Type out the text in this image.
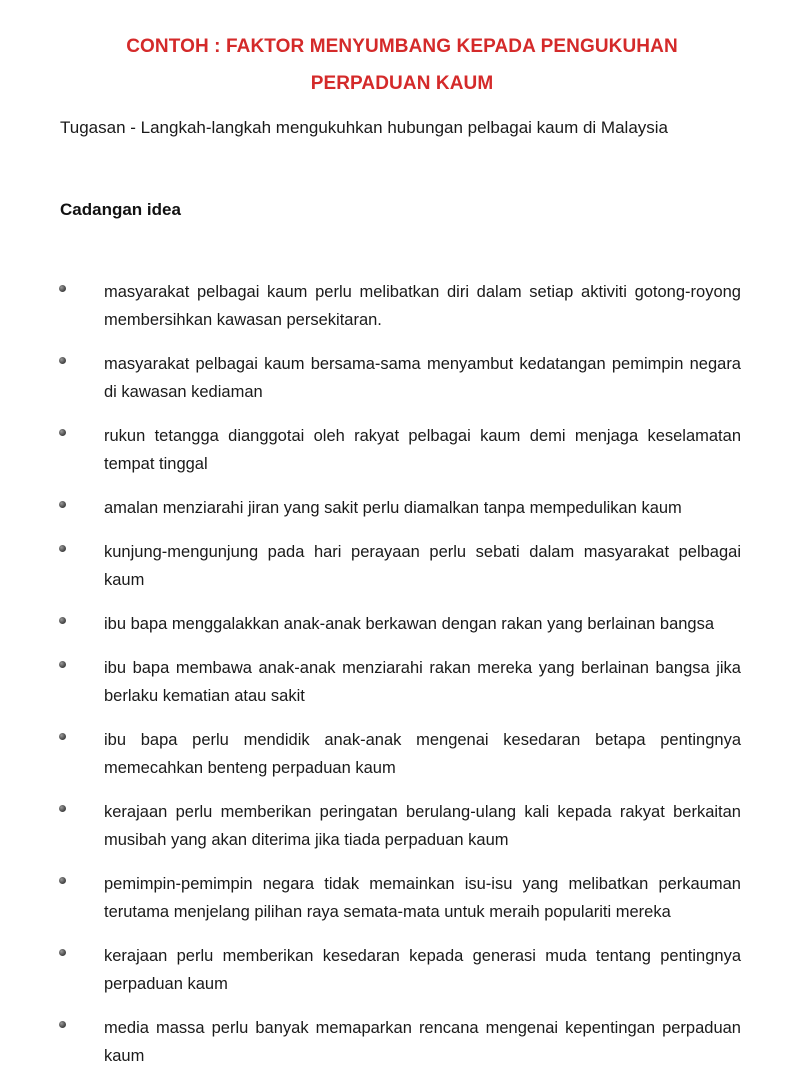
CONTOH : FAKTOR MENYUMBANG KEPADA PENGUKUHAN
PERPADUAN KAUM
Tugasan - Langkah-langkah mengukuhkan hubungan pelbagai kaum di Malaysia
Cadangan idea
masyarakat pelbagai kaum perlu melibatkan diri dalam setiap aktiviti gotong-royong membersihkan kawasan persekitaran.
masyarakat pelbagai kaum bersama-sama menyambut kedatangan pemimpin negara di kawasan kediaman
rukun tetangga dianggotai oleh rakyat pelbagai kaum demi menjaga keselamatan tempat tinggal
amalan menziarahi jiran yang sakit perlu diamalkan tanpa mempedulikan kaum
kunjung-mengunjung pada hari perayaan perlu sebati dalam masyarakat pelbagai kaum
ibu bapa menggalakkan anak-anak berkawan dengan rakan yang berlainan bangsa
ibu bapa membawa anak-anak menziarahi rakan mereka yang berlainan bangsa jika berlaku kematian atau sakit
ibu bapa perlu mendidik anak-anak mengenai kesedaran betapa pentingnya memecahkan benteng perpaduan kaum
kerajaan perlu memberikan peringatan berulang-ulang kali kepada rakyat berkaitan musibah yang akan diterima jika tiada perpaduan kaum
pemimpin-pemimpin negara tidak memainkan isu-isu yang melibatkan perkauman terutama menjelang pilihan raya semata-mata untuk meraih populariti mereka
kerajaan perlu memberikan kesedaran kepada generasi muda tentang pentingnya perpaduan kaum
media massa perlu banyak memaparkan rencana mengenai kepentingan perpaduan kaum
